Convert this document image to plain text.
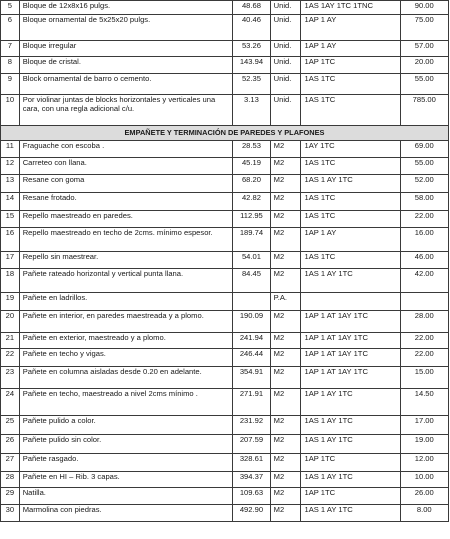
5	Bloque de 12x8x16 pulgs.	48.68	Unid.	1AS 1AY 1TC 1TNC	90.00
6	Bloque ornamental de 5x25x20 pulgs.	40.46	Unid.	1AP 1 AY	75.00
7	Bloque irregular	53.26	Unid.	1AP 1 AY	57.00
8	Bloque de cristal.	143.94	Unid.	1AP 1TC	20.00
9	Block ornamental de barro o cemento.	52.35	Unid.	1AS 1TC	55.00
10	Por violinar juntas de blocks horizontales y verticales una cara, con una regla adicional c/u.	3.13	Unid.	1AS 1TC	785.00
EMPAÑETE Y TERMINACIÓN DE PAREDES Y PLAFONES					
11	Fraguache con escoba .	28.53	M2	1AY 1TC	69.00
12	Carreteo con llana.	45.19	M2	1AS 1TC	55.00
13	Resane con goma	68.20	M2	1AS 1 AY 1TC	52.00
14	Resane frotado.	42.82	M2	1AS 1TC	58.00
15	Repello maestreado en paredes.	112.95	M2	1AS 1TC	22.00
16	Repello maestreado en techo de 2cms. mínimo espesor.	189.74	M2	1AP 1 AY	16.00
17	Repello sin maestrear.	54.01	M2	1AS 1TC	46.00
18	Pañete rateado horizontal y vertical punta llana.	84.45	M2	1AS 1 AY 1TC	42.00
19	Pañete en ladrillos.		P.A.		
20	Pañete en interior, en paredes maestreada y a plomo.	190.09	M2	1AP 1 AT 1AY 1TC	28.00
21	Pañete en exterior, maestreado y a plomo.	241.94	M2	1AP 1 AT 1AY 1TC	22.00
22	Pañete en techo y vigas.	246.44	M2	1AP 1 AT 1AY 1TC	22.00
23	Pañete en columna aisladas desde 0.20 en adelante.	354.91	M2	1AP 1 AT 1AY 1TC	15.00
24	Pañete en techo, maestreado a nivel 2cms mínimo .	271.91	M2	1AP 1 AY 1TC	14.50
25	Pañete pulido a color.	231.92	M2	1AS 1 AY 1TC	17.00
26	Pañete pulido sin color.	207.59	M2	1AS 1 AY 1TC	19.00
27	Pañete rasgado.	328.61	M2	1AP 1TC	12.00
28	Pañete en HI – Rib. 3 capas.	394.37	M2	1AS 1 AY 1TC	10.00
29	Natilla.	109.63	M2	1AP 1TC	26.00
30	Marmolina con piedras.	492.90	M2	1AS 1 AY 1TC	8.00
